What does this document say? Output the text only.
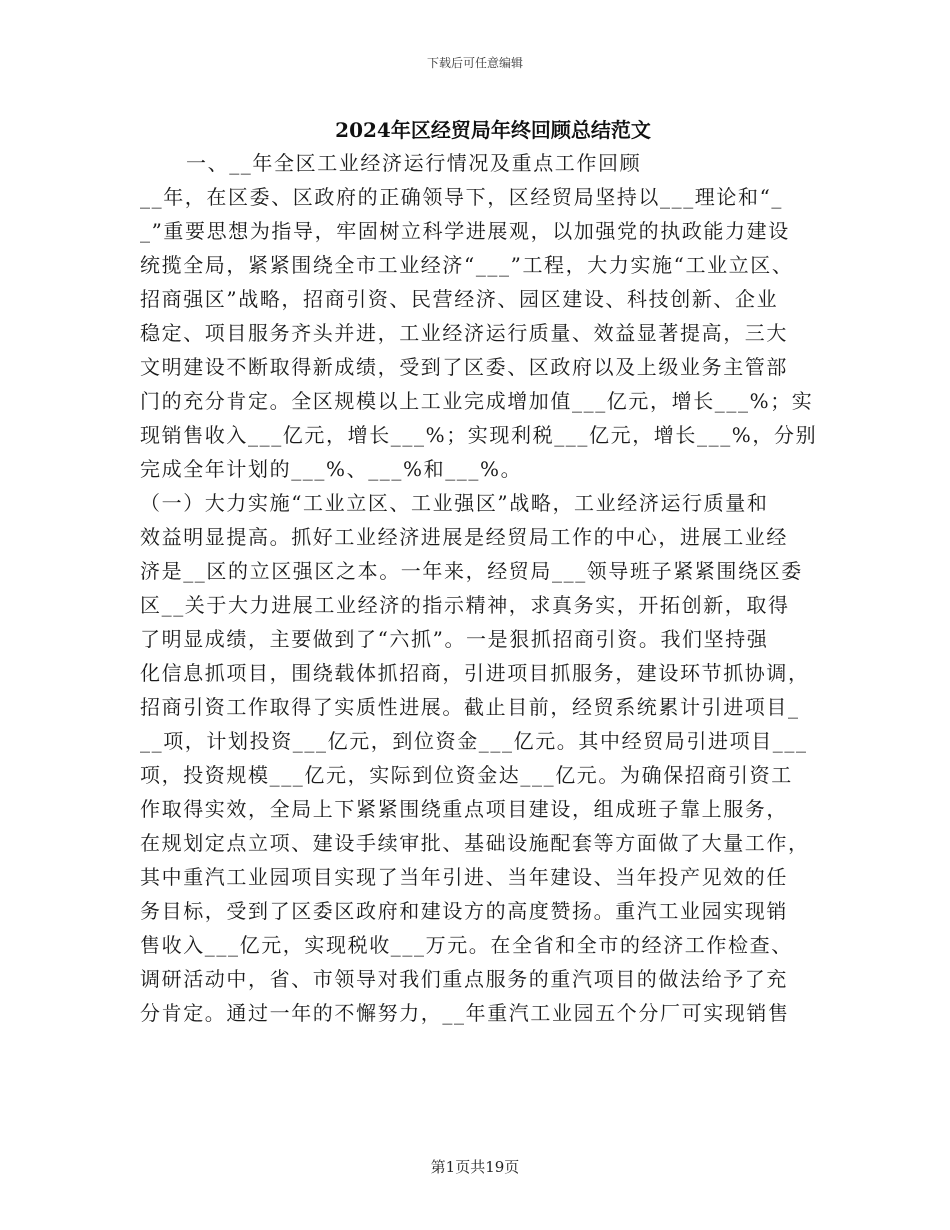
下载后可任意编辑
2024年区经贸局年终回顾总结范文
一、__年全区工业经济运行情况及重点工作回顾
__年，在区委、区政府的正确领导下，区经贸局坚持以___理论和“_
_”重要思想为指导，牢固树立科学进展观，以加强党的执政能力建设
统揽全局，紧紧围绕全市工业经济“___”工程，大力实施“工业立区、
招商强区”战略，招商引资、民营经济、园区建设、科技创新、企业
稳定、项目服务齐头并进，工业经济运行质量、效益显著提高，三大
文明建设不断取得新成绩，受到了区委、区政府以及上级业务主管部
门的充分肯定。全区规模以上工业完成增加值___亿元，增长___%；实
现销售收入___亿元，增长___%；实现利税___亿元，增长___%，分别
完成全年计划的___%、___%和___%。
（一）大力实施“工业立区、工业强区”战略，工业经济运行质量和
效益明显提高。抓好工业经济进展是经贸局工作的中心，进展工业经
济是__区的立区强区之本。一年来，经贸局___领导班子紧紧围绕区委
区__关于大力进展工业经济的指示精神，求真务实，开拓创新，取得
了明显成绩，主要做到了“六抓”。一是狠抓招商引资。我们坚持强
化信息抓项目，围绕载体抓招商，引进项目抓服务，建设环节抓协调，
招商引资工作取得了实质性进展。截止目前，经贸系统累计引进项目_
__项，计划投资___亿元，到位资金___亿元。其中经贸局引进项目___
项，投资规模___亿元，实际到位资金达___亿元。为确保招商引资工
作取得实效，全局上下紧紧围绕重点项目建设，组成班子靠上服务，
在规划定点立项、建设手续审批、基础设施配套等方面做了大量工作，
其中重汽工业园项目实现了当年引进、当年建设、当年投产见效的任
务目标，受到了区委区政府和建设方的高度赞扬。重汽工业园实现销
售收入___亿元，实现税收___万元。在全省和全市的经济工作检查、
调研活动中，省、市领导对我们重点服务的重汽项目的做法给予了充
分肯定。通过一年的不懈努力，__年重汽工业园五个分厂可实现销售
第1页共19页
